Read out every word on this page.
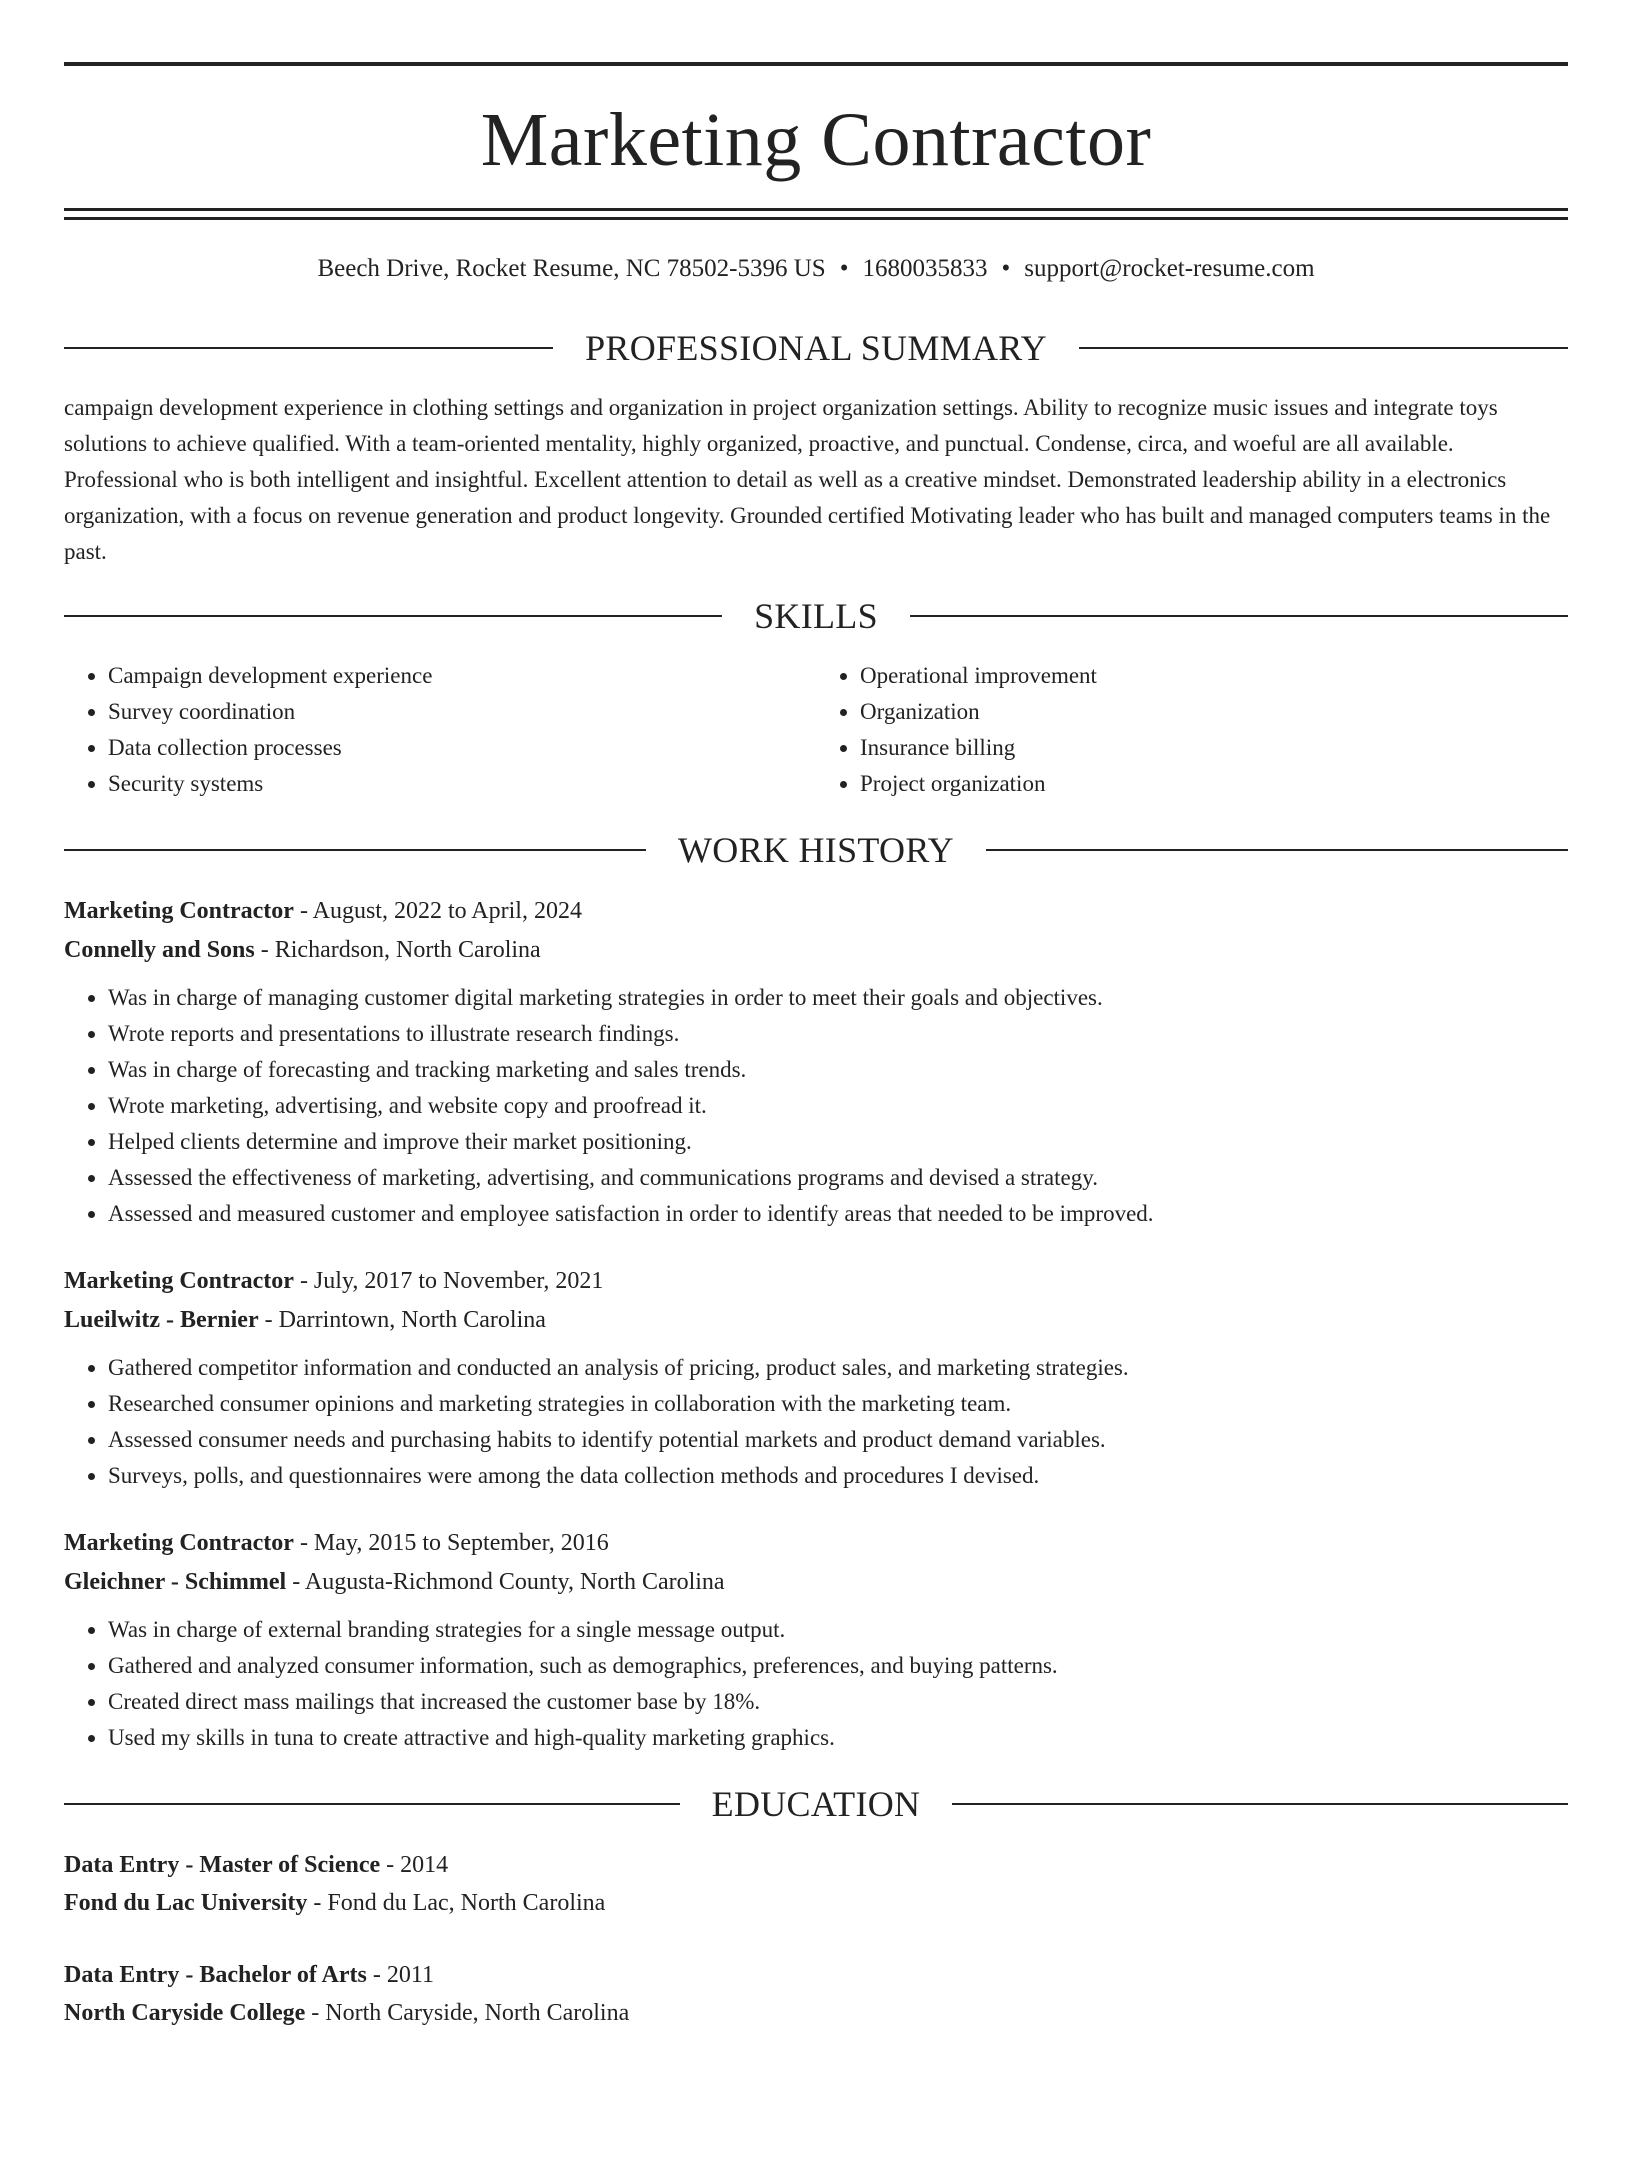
Marketing Contractor
Beech Drive, Rocket Resume, NC 78502-5396 US • 1680035833 • support@rocket-resume.com
PROFESSIONAL SUMMARY
campaign development experience in clothing settings and organization in project organization settings. Ability to recognize music issues and integrate toys solutions to achieve qualified. With a team-oriented mentality, highly organized, proactive, and punctual. Condense, circa, and woeful are all available. Professional who is both intelligent and insightful. Excellent attention to detail as well as a creative mindset. Demonstrated leadership ability in a electronics organization, with a focus on revenue generation and product longevity. Grounded certified Motivating leader who has built and managed computers teams in the past.
SKILLS
• Campaign development experience
• Survey coordination
• Data collection processes
• Security systems
• Operational improvement
• Organization
• Insurance billing
• Project organization
WORK HISTORY
Marketing Contractor - August, 2022 to April, 2024
Connelly and Sons - Richardson, North Carolina
• Was in charge of managing customer digital marketing strategies in order to meet their goals and objectives.
• Wrote reports and presentations to illustrate research findings.
• Was in charge of forecasting and tracking marketing and sales trends.
• Wrote marketing, advertising, and website copy and proofread it.
• Helped clients determine and improve their market positioning.
• Assessed the effectiveness of marketing, advertising, and communications programs and devised a strategy.
• Assessed and measured customer and employee satisfaction in order to identify areas that needed to be improved.
Marketing Contractor - July, 2017 to November, 2021
Lueilwitz - Bernier - Darrintown, North Carolina
• Gathered competitor information and conducted an analysis of pricing, product sales, and marketing strategies.
• Researched consumer opinions and marketing strategies in collaboration with the marketing team.
• Assessed consumer needs and purchasing habits to identify potential markets and product demand variables.
• Surveys, polls, and questionnaires were among the data collection methods and procedures I devised.
Marketing Contractor - May, 2015 to September, 2016
Gleichner - Schimmel - Augusta-Richmond County, North Carolina
• Was in charge of external branding strategies for a single message output.
• Gathered and analyzed consumer information, such as demographics, preferences, and buying patterns.
• Created direct mass mailings that increased the customer base by 18%.
• Used my skills in tuna to create attractive and high-quality marketing graphics.
EDUCATION
Data Entry - Master of Science - 2014
Fond du Lac University - Fond du Lac, North Carolina
Data Entry - Bachelor of Arts - 2011
North Caryside College - North Caryside, North Carolina
